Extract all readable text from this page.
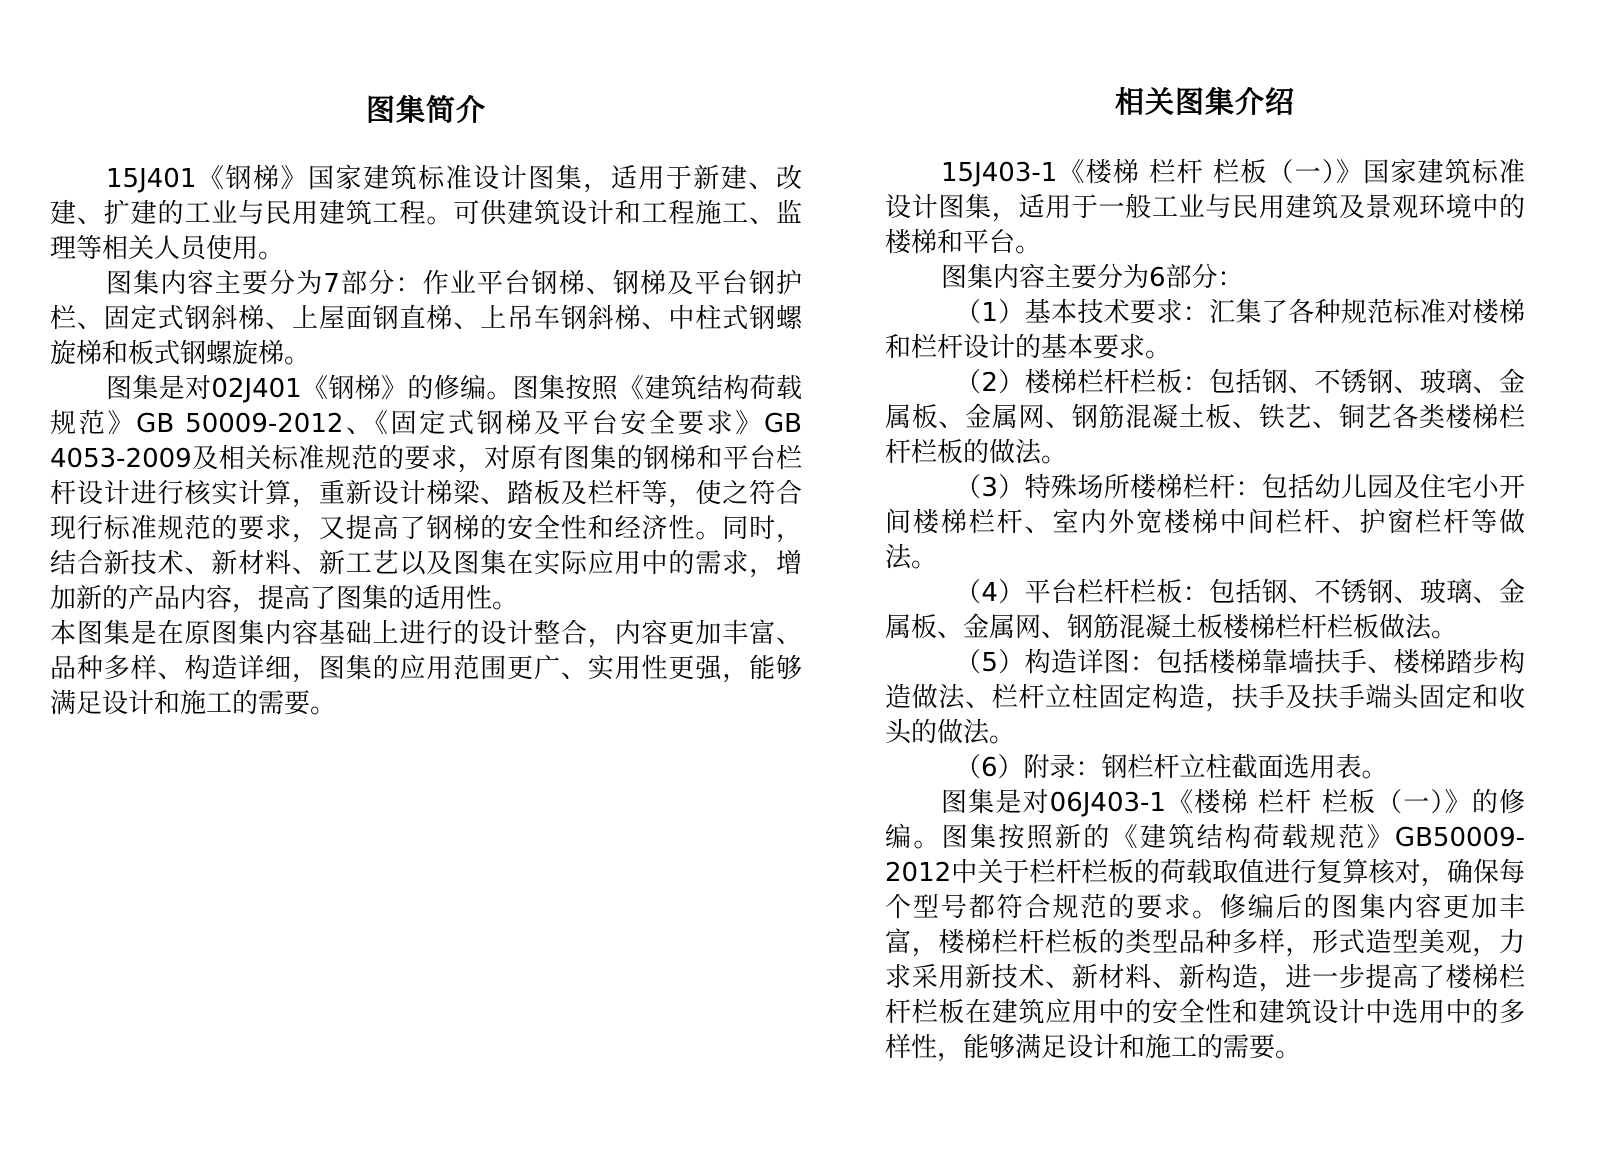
图集简介

15J401《钢梯》国家建筑标准设计图集，适用于新建、改建、扩建的工业与民用建筑工程。可供建筑设计和工程施工、监理等相关人员使用。

图集内容主要分为7部分：作业平台钢梯、钢梯及平台钢护栏、固定式钢斜梯、上屋面钢直梯、上吊车钢斜梯、中柱式钢螺旋梯和板式钢螺旋梯。

图集是对02J401《钢梯》的修编。图集按照《建筑结构荷载规范》GB 50009-2012、《固定式钢梯及平台安全要求》GB 4053-2009及相关标准规范的要求，对原有图集的钢梯和平台栏杆设计进行核实计算，重新设计梯梁、踏板及栏杆等，使之符合现行标准规范的要求，又提高了钢梯的安全性和经济性。同时，结合新技术、新材料、新工艺以及图集在实际应用中的需求，增加新的产品内容，提高了图集的适用性。

本图集是在原图集内容基础上进行的设计整合，内容更加丰富、品种多样、构造详细，图集的应用范围更广、实用性更强，能够满足设计和施工的需要。

相关图集介绍

15J403-1《楼梯 栏杆 栏板（一）》国家建筑标准设计图集，适用于一般工业与民用建筑及景观环境中的楼梯和平台。

图集内容主要分为6部分：

（1）基本技术要求：汇集了各种规范标准对楼梯和栏杆设计的基本要求。

（2）楼梯栏杆栏板：包括钢、不锈钢、玻璃、金属板、金属网、钢筋混凝土板、铁艺、铜艺各类楼梯栏杆栏板的做法。

（3）特殊场所楼梯栏杆：包括幼儿园及住宅小开间楼梯栏杆、室内外宽楼梯中间栏杆、护窗栏杆等做法。

（4）平台栏杆栏板：包括钢、不锈钢、玻璃、金属板、金属网、钢筋混凝土板楼梯栏杆栏板做法。

（5）构造详图：包括楼梯靠墙扶手、楼梯踏步构造做法、栏杆立柱固定构造，扶手及扶手端头固定和收头的做法。

（6）附录：钢栏杆立柱截面选用表。

图集是对06J403-1《楼梯 栏杆 栏板（一）》的修编。图集按照新的《建筑结构荷载规范》GB50009-2012中关于栏杆栏板的荷载取值进行复算核对，确保每个型号都符合规范的要求。修编后的图集内容更加丰富，楼梯栏杆栏板的类型品种多样，形式造型美观，力求采用新技术、新材料、新构造，进一步提高了楼梯栏杆栏板在建筑应用中的安全性和建筑设计中选用中的多样性，能够满足设计和施工的需要。
